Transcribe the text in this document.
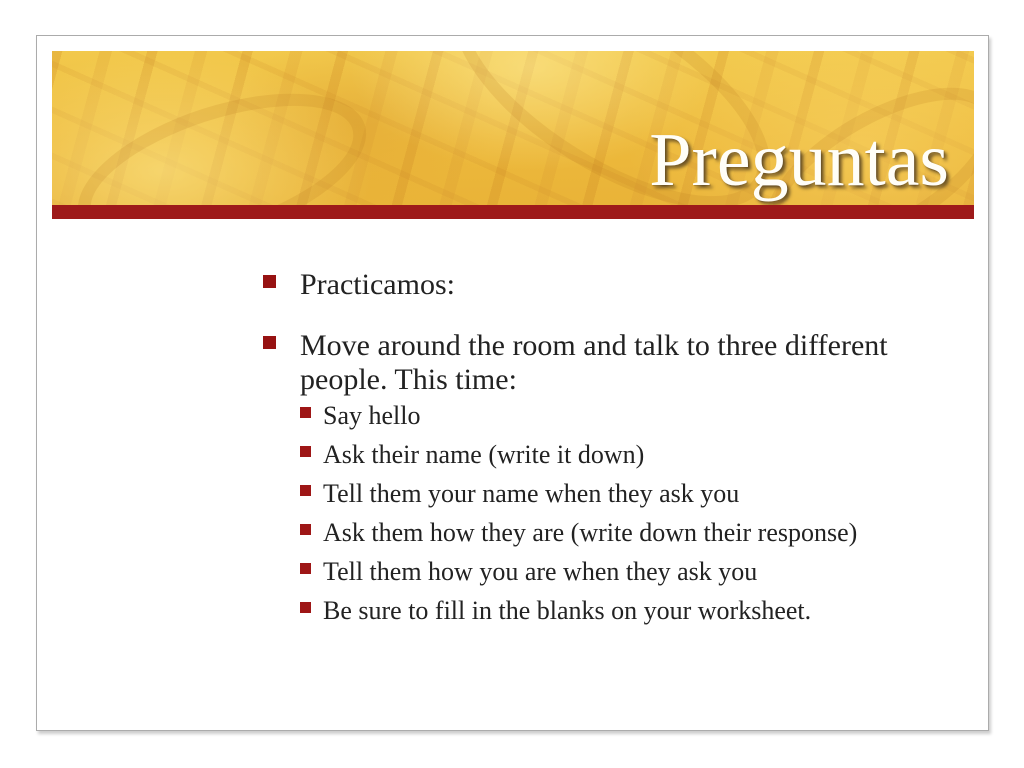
Preguntas
Practicamos:
Move around the room and talk to three different people. This time:
Say hello
Ask their name (write it down)
Tell them your name when they ask you
Ask them how they are (write down their response)
Tell them how you are when they ask you
Be sure to fill in the blanks on your worksheet.
